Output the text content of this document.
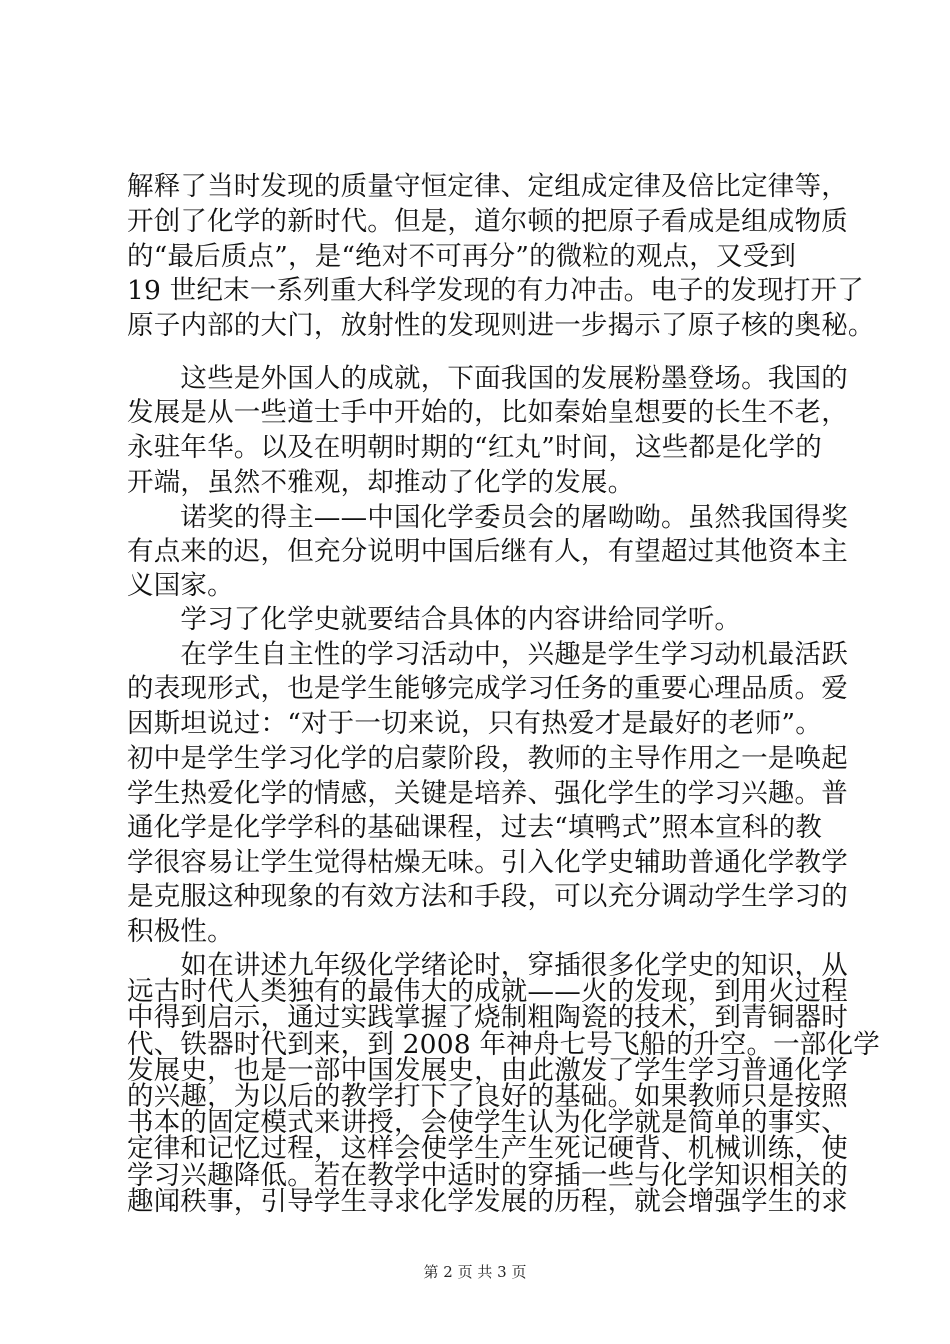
解释了当时发现的质量守恒定律、定组成定律及倍比定律等，
开创了化学的新时代。但是，道尔顿的把原子看成是组成物质
的“最后质点”，是“绝对不可再分”的微粒的观点，又受到
19 世纪末一系列重大科学发现的有力冲击。电子的发现打开了
原子内部的大门，放射性的发现则进一步揭示了原子核的奥秘。
　　这些是外国人的成就，下面我国的发展粉墨登场。我国的
发展是从一些道士手中开始的，比如秦始皇想要的长生不老，
永驻年华。以及在明朝时期的“红丸”时间，这些都是化学的
开端，虽然不雅观，却推动了化学的发展。
　　诺奖的得主——中国化学委员会的屠呦呦。虽然我国得奖
有点来的迟，但充分说明中国后继有人，有望超过其他资本主
义国家。
　　学习了化学史就要结合具体的内容讲给同学听。
　　在学生自主性的学习活动中，兴趣是学生学习动机最活跃
的表现形式，也是学生能够完成学习任务的重要心理品质。爱
因斯坦说过：“对于一切来说，只有热爱才是最好的老师”。
初中是学生学习化学的启蒙阶段，教师的主导作用之一是唤起
学生热爱化学的情感，关键是培养、强化学生的学习兴趣。普
通化学是化学学科的基础课程，过去“填鸭式”照本宣科的教
学很容易让学生觉得枯燥无味。引入化学史辅助普通化学教学
是克服这种现象的有效方法和手段，可以充分调动学生学习的
积极性。
　　如在讲述九年级化学绪论时，穿插很多化学史的知识，从
远古时代人类独有的最伟大的成就——火的发现，到用火过程
中得到启示，通过实践掌握了烧制粗陶瓷的技术，到青铜器时
代、铁器时代到来，到 2008 年神舟七号飞船的升空。一部化学
发展史，也是一部中国发展史，由此激发了学生学习普通化学
的兴趣，为以后的教学打下了良好的基础。如果教师只是按照
书本的固定模式来讲授，会使学生认为化学就是简单的事实、
定律和记忆过程，这样会使学生产生死记硬背、机械训练，使
学习兴趣降低。若在教学中适时的穿插一些与化学知识相关的
趣闻秩事，引导学生寻求化学发展的历程，就会增强学生的求
第 2 页 共 3 页
